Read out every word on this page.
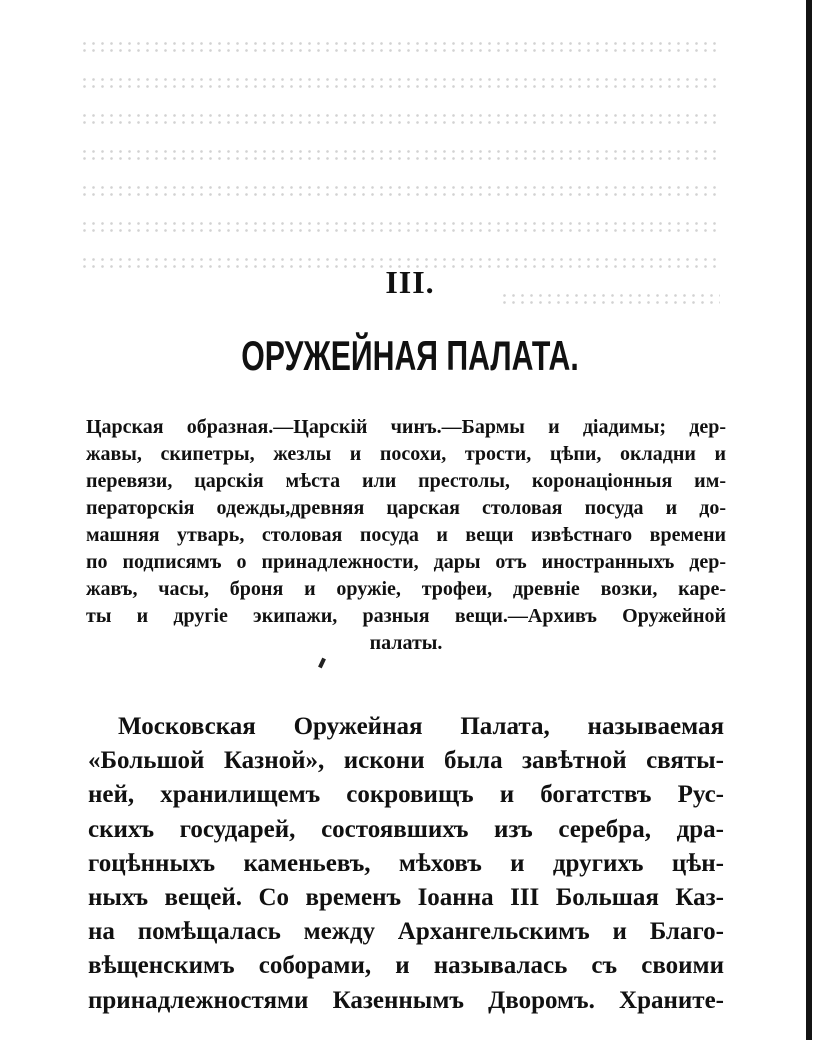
III.
ОРУЖЕЙНАЯ ПАЛАТА.
Царская образная.—Царскій чинъ.—Бармы и діадимы; дер-
жавы, скипетры, жезлы и посохи, трости, цѣпи, окладни и
перевязи, царскія мѣста или престолы, коронаціонныя им-
ператорскія одежды,древняя царская столовая посуда и до-
машняя утварь, столовая посуда и вещи извѣстнаго времени
по подписямъ о принадлежности, дары отъ иностранныхъ дер-
жавъ, часы, броня и оружіе, трофеи, древніе возки, каре-
ты и другіе экипажи, разныя вещи.—Архивъ Оружейной
палаты.
Московская Оружейная Палата, называемая
«Большой Казной», искони была завѣтной святы-
ней, хранилищемъ сокровищъ и богатствъ Рус-
скихъ государей, состоявшихъ изъ серебра, дра-
гоцѣнныхъ каменьевъ, мѣховъ и другихъ цѣн-
ныхъ вещей. Со временъ Іоанна III Большая Каз-
на помѣщалась между Архангельскимъ и Благо-
вѣщенскимъ соборами, и называлась съ своими
принадлежностями Казеннымъ Дворомъ. Храните-
